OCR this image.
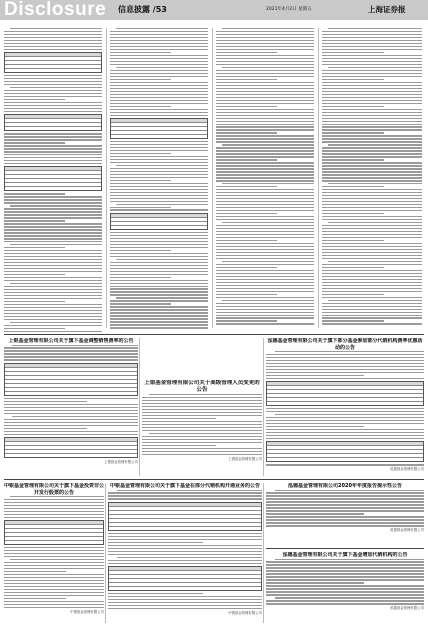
Disclosure 信息披露 /53	2021年4月2日 星期五	上海证券报
上银基金管理有限公司关于旗下基金调整销售费率的公告
上银基金管理有限公司
上银基金管理有限公司关于高级管理人员变更的公告
上银基金管理有限公司
泓德基金管理有限公司关于旗下部分基金参加部分代销机构费率优惠活动的公告
泓德基金管理有限公司
中银基金管理有限公司关于旗下基金投资非公开发行股票的公告
中银基金管理有限公司
中银基金管理有限公司关于旗下基金在部分代销机构开通业务的公告
中银基金管理有限公司
泓德基金管理有限公司2020年年度报告提示性公告
泓德基金管理有限公司
泓德基金管理有限公司关于旗下基金增加代销机构的公告
泓德基金管理有限公司
